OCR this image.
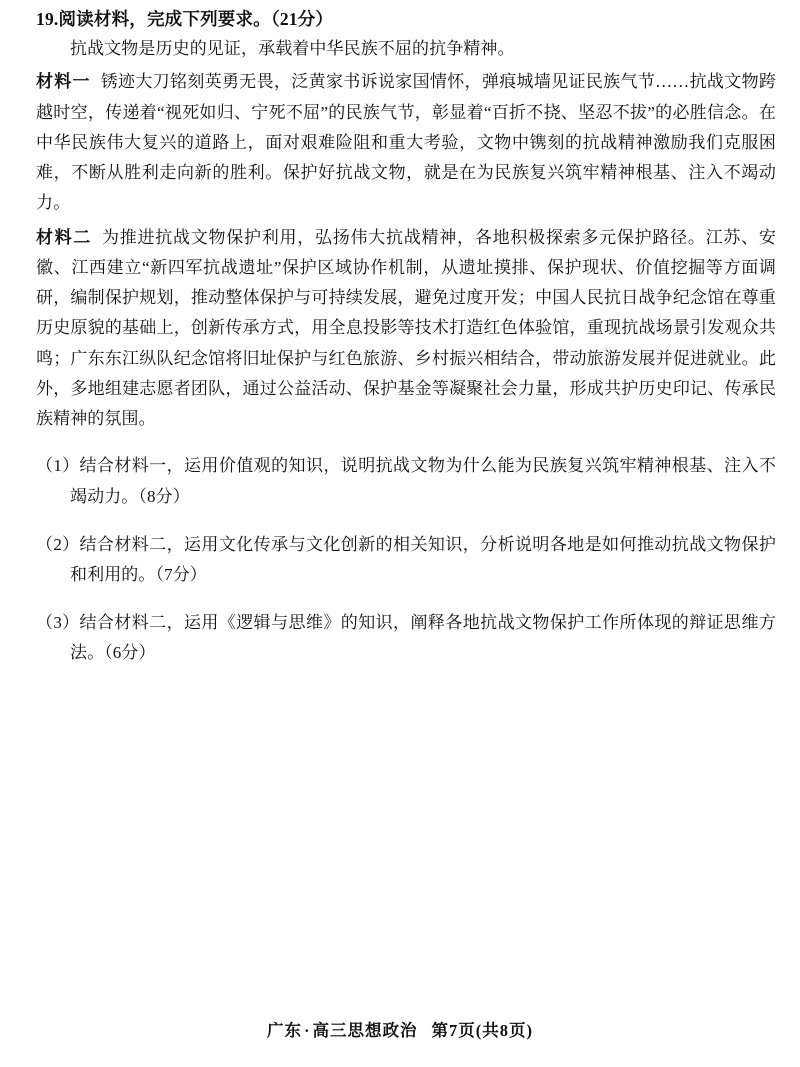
19.阅读材料，完成下列要求。（21分）

抗战文物是历史的见证，承载着中华民族不屈的抗争精神。

材料一 锈迹大刀铭刻英勇无畏，泛黄家书诉说家国情怀，弹痕城墙见证民族气节……抗战文物跨越时空，传递着“视死如归、宁死不屈”的民族气节，彰显着“百折不挠、坚忍不拔”的必胜信念。在中华民族伟大复兴的道路上，面对艰难险阻和重大考验，文物中镌刻的抗战精神激励我们克服困难，不断从胜利走向新的胜利。保护好抗战文物，就是在为民族复兴筑牢精神根基、注入不竭动力。

材料二 为推进抗战文物保护利用，弘扬伟大抗战精神，各地积极探索多元保护路径。江苏、安徽、江西建立“新四军抗战遗址”保护区域协作机制，从遗址摸排、保护现状、价值挖掘等方面调研，编制保护规划，推动整体保护与可持续发展，避免过度开发；中国人民抗日战争纪念馆在尊重历史原貌的基础上，创新传承方式，用全息投影等技术打造红色体验馆，重现抗战场景引发观众共鸣；广东东江纵队纪念馆将旧址保护与红色旅游、乡村振兴相结合，带动旅游发展并促进就业。此外，多地组建志愿者团队，通过公益活动、保护基金等凝聚社会力量，形成共护历史印记、传承民族精神的氛围。

（1）结合材料一，运用价值观的知识，说明抗战文物为什么能为民族复兴筑牢精神根基、注入不竭动力。（8分）

（2）结合材料二，运用文化传承与文化创新的相关知识，分析说明各地是如何推动抗战文物保护和利用的。（7分）

（3）结合材料二，运用《逻辑与思维》的知识，阐释各地抗战文物保护工作所体现的辩证思维方法。（6分）

广东 · 高三思想政治 第7页(共8页)
